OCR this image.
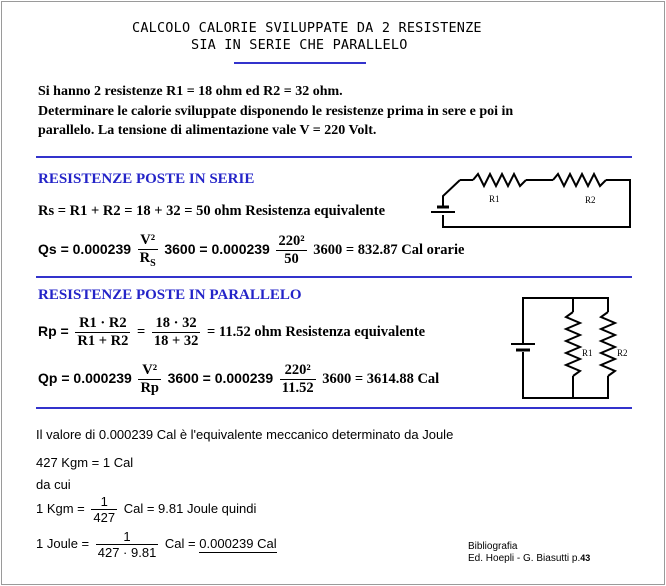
CALCOLO CALORIE SVILUPPATE DA 2 RESISTENZE
SIA IN SERIE CHE PARALLELO
Si hanno 2 resistenze R1 = 18 ohm ed R2 = 32 ohm.
Determinare le calorie sviluppate disponendo le resistenze prima in sere e poi in
parallelo. La tensione di alimentazione vale V = 220 Volt.
RESISTENZE POSTE IN SERIE
Rs = R1 + R2 = 18 + 32 = 50 ohm Resistenza equivalente
$Qs = 0.000239 \frac{\text{V²}}{R_S} 3600 = 0.000239 \frac{\text{220²}}{50} 3600 = 832.87$ Cal orarie
R1	R2
RESISTENZE POSTE IN PARALLELO
$Rp = \frac{R1 \cdot R2}{R1 + R2} = \frac{18 \cdot 32}{18 + 32} = 11.52$ ohm Resistenza equivalente
$Qp = 0.000239 \frac{\text{V²}}{Rp} 3600 = 0.000239 \frac{\text{220²}}{11.52} 3600 = 3614.88$ Cal
R1	R2
Il valore di 0.000239 Cal è l'equivalente meccanico determinato da Joule
427 Kgm = 1 Cal
da cui
1 Kgm = $\frac{1}{427}$ Cal = 9.81 Joule quindi
1 Joule = $\frac{1}{427 \cdot 9.81}$ Cal = 0.000239 Cal	Bibliografia
Ed. Hoepli - G. Biasutti p.43
